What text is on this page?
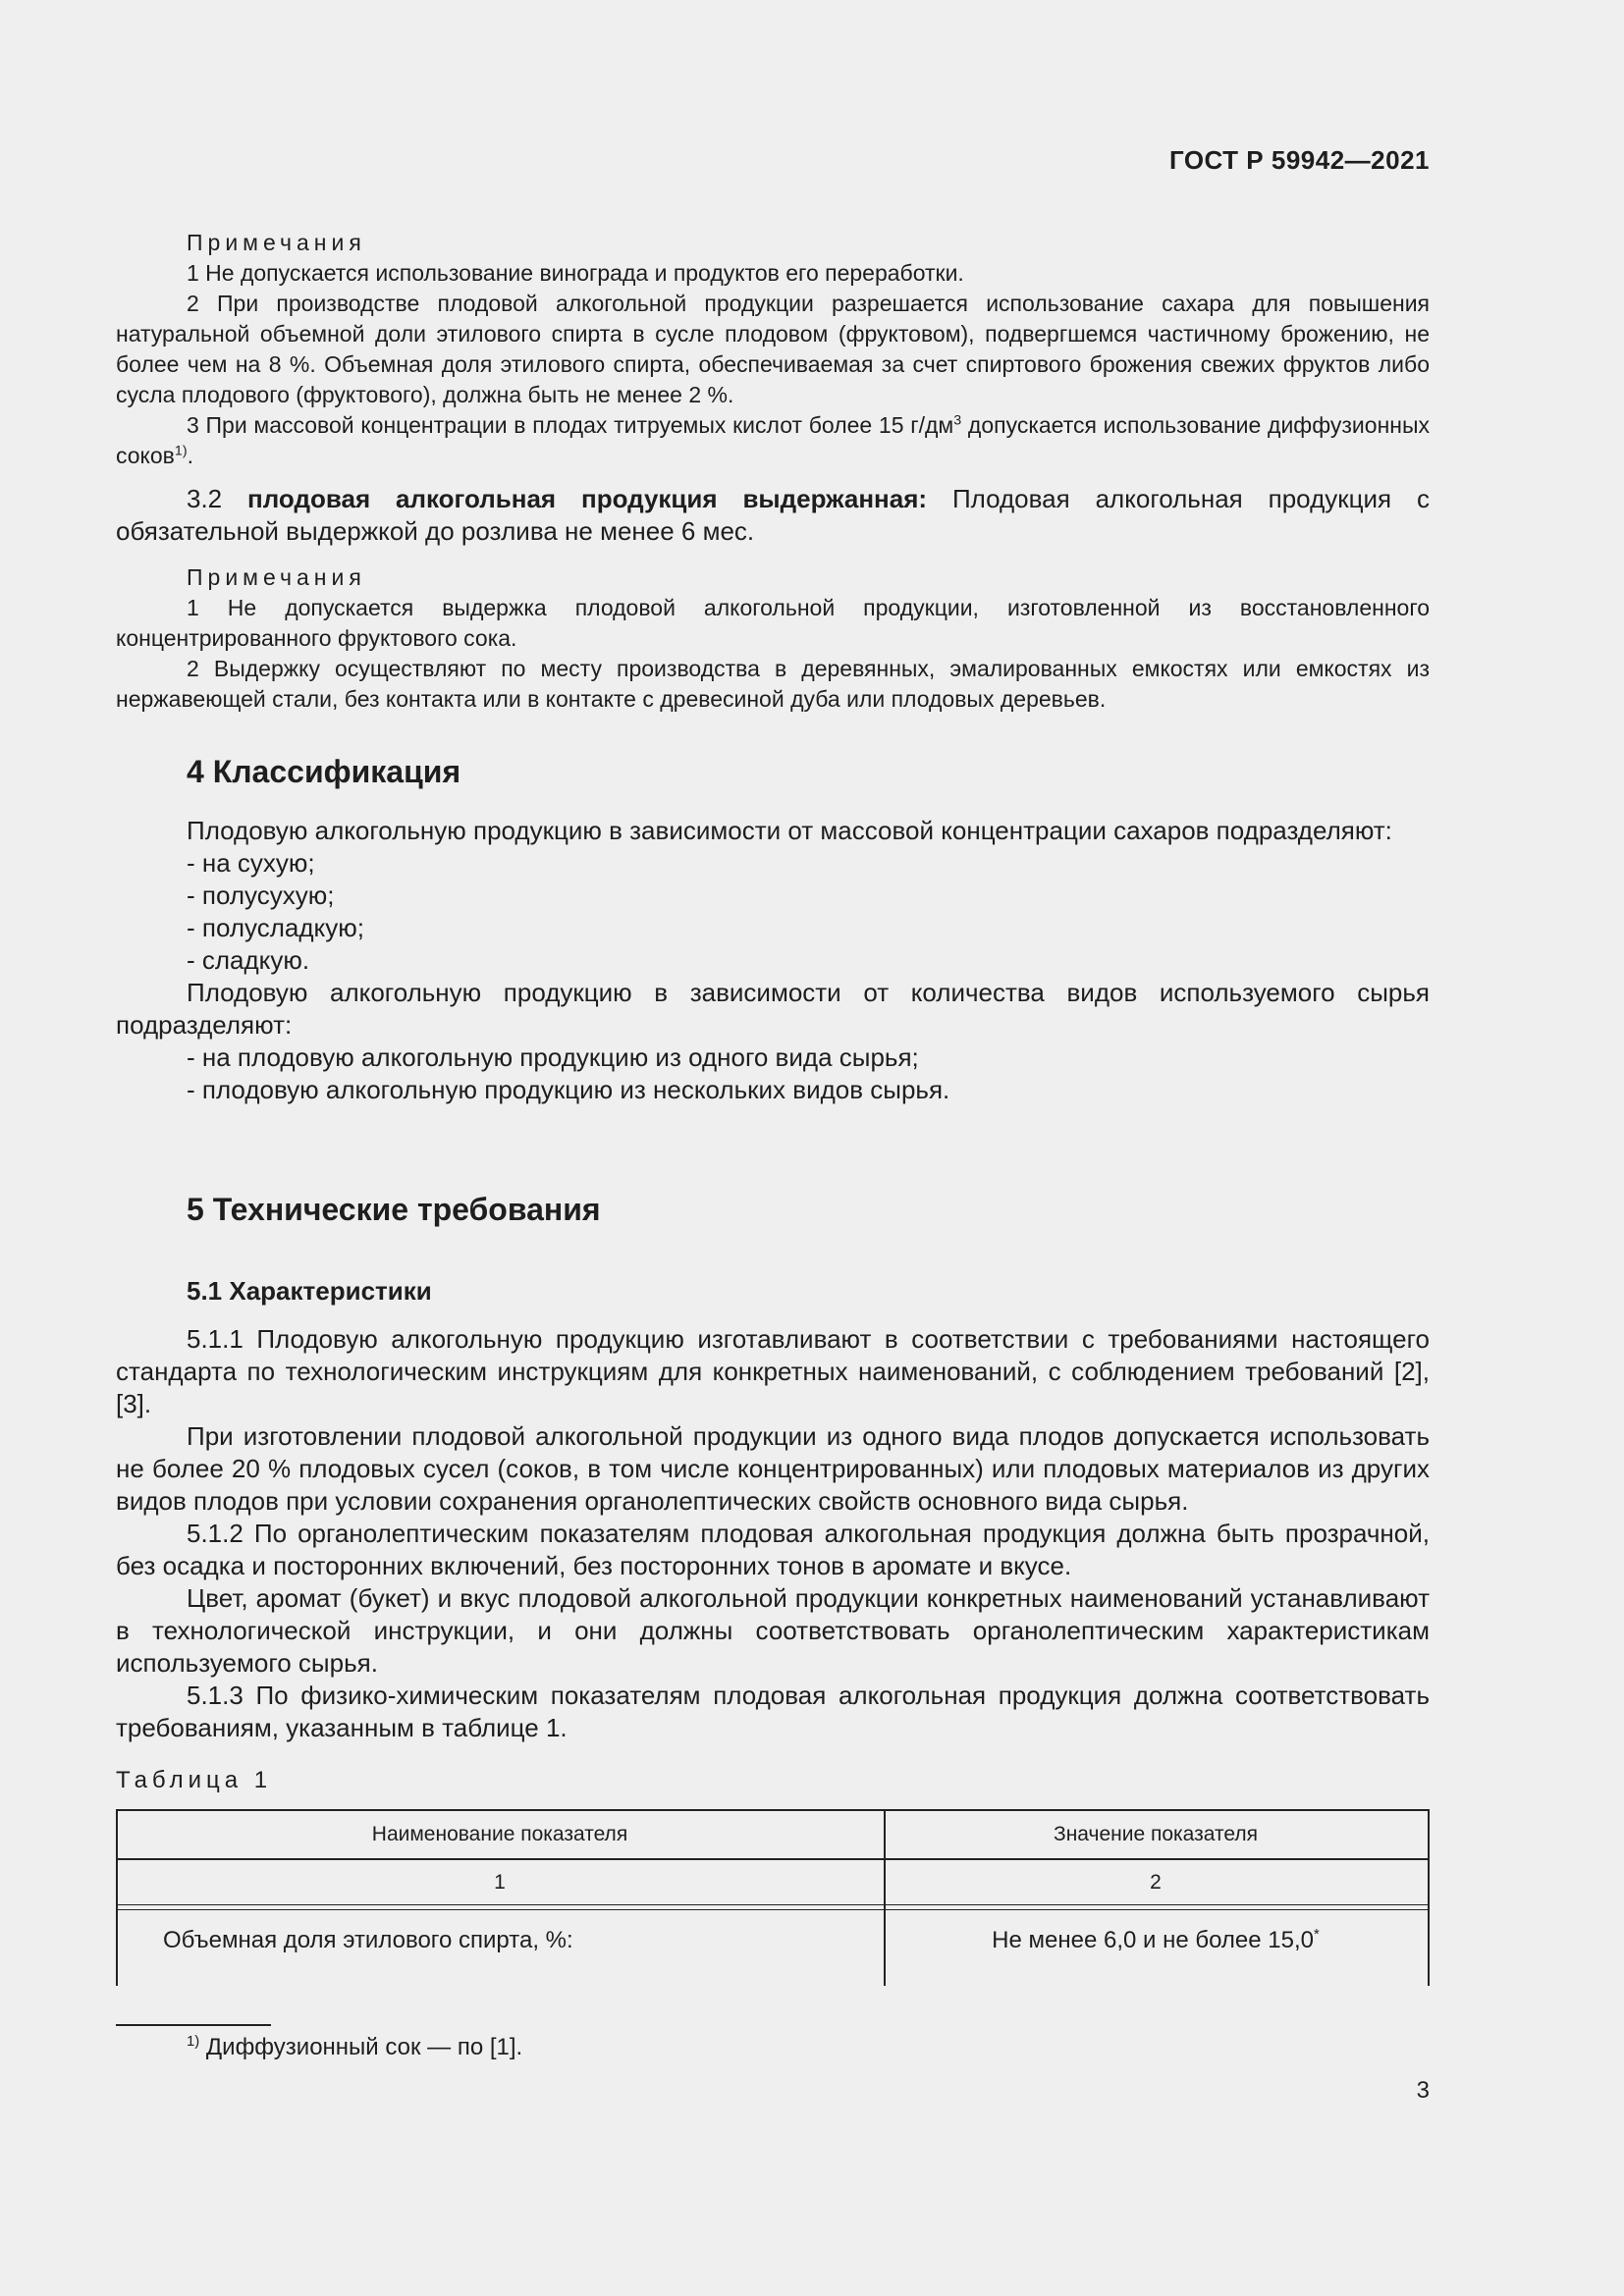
ГОСТ Р 59942—2021

Примечания

1 Не допускается использование винограда и продуктов его переработки.

2 При производстве плодовой алкогольной продукции разрешается использование сахара для повышения натуральной объемной доли этилового спирта в сусле плодовом (фруктовом), подвергшемся частичному брожению, не более чем на 8 %. Объемная доля этилового спирта, обеспечиваемая за счет спиртового брожения свежих фруктов либо сусла плодового (фруктового), должна быть не менее 2 %.

3 При массовой концентрации в плодах титруемых кислот более 15 $г/дм^3$ допускается использование диффузионных соков$^{1)}$.

3.2 плодовая алкогольная продукция выдержанная: Плодовая алкогольная продукция с обязательной выдержкой до розлива не менее 6 мес.

Примечания

1 Не допускается выдержка плодовой алкогольной продукции, изготовленной из восстановленного концентрированного фруктового сока.

2 Выдержку осуществляют по месту производства в деревянных, эмалированных емкостях или емкостях из нержавеющей стали, без контакта или в контакте с древесиной дуба или плодовых деревьев.

4 Классификация

Плодовую алкогольную продукцию в зависимости от массовой концентрации сахаров подразделяют:

- на сухую;

- полусухую;

- полусладкую;

- сладкую.

Плодовую алкогольную продукцию в зависимости от количества видов используемого сырья подразделяют:

- на плодовую алкогольную продукцию из одного вида сырья;

- плодовую алкогольную продукцию из нескольких видов сырья.

5 Технические требования
5.1 Характеристики

5.1.1 Плодовую алкогольную продукцию изготавливают в соответствии с требованиями настоящего стандарта по технологическим инструкциям для конкретных наименований, с соблюдением требований [2], [3].

При изготовлении плодовой алкогольной продукции из одного вида плодов допускается использовать не более 20 % плодовых сусел (соков, в том числе концентрированных) или плодовых материалов из других видов плодов при условии сохранения органолептических свойств основного вида сырья.

5.1.2 По органолептическим показателям плодовая алкогольная продукция должна быть прозрачной, без осадка и посторонних включений, без посторонних тонов в аромате и вкусе.

Цвет, аромат (букет) и вкус плодовой алкогольной продукции конкретных наименований устанавливают в технологической инструкции, и они должны соответствовать органолептическим характеристикам используемого сырья.

5.1.3 По физико-химическим показателям плодовая алкогольная продукция должна соответствовать требованиям, указанным в таблице 1.

Таблица 1
Наименование показателя	Значение показателя
1	2
Объемная доля этилового спирта, %:	Не менее 6,0 и не более 15,0*
$^{1)}$ Диффузионный сок — по [1].
3
